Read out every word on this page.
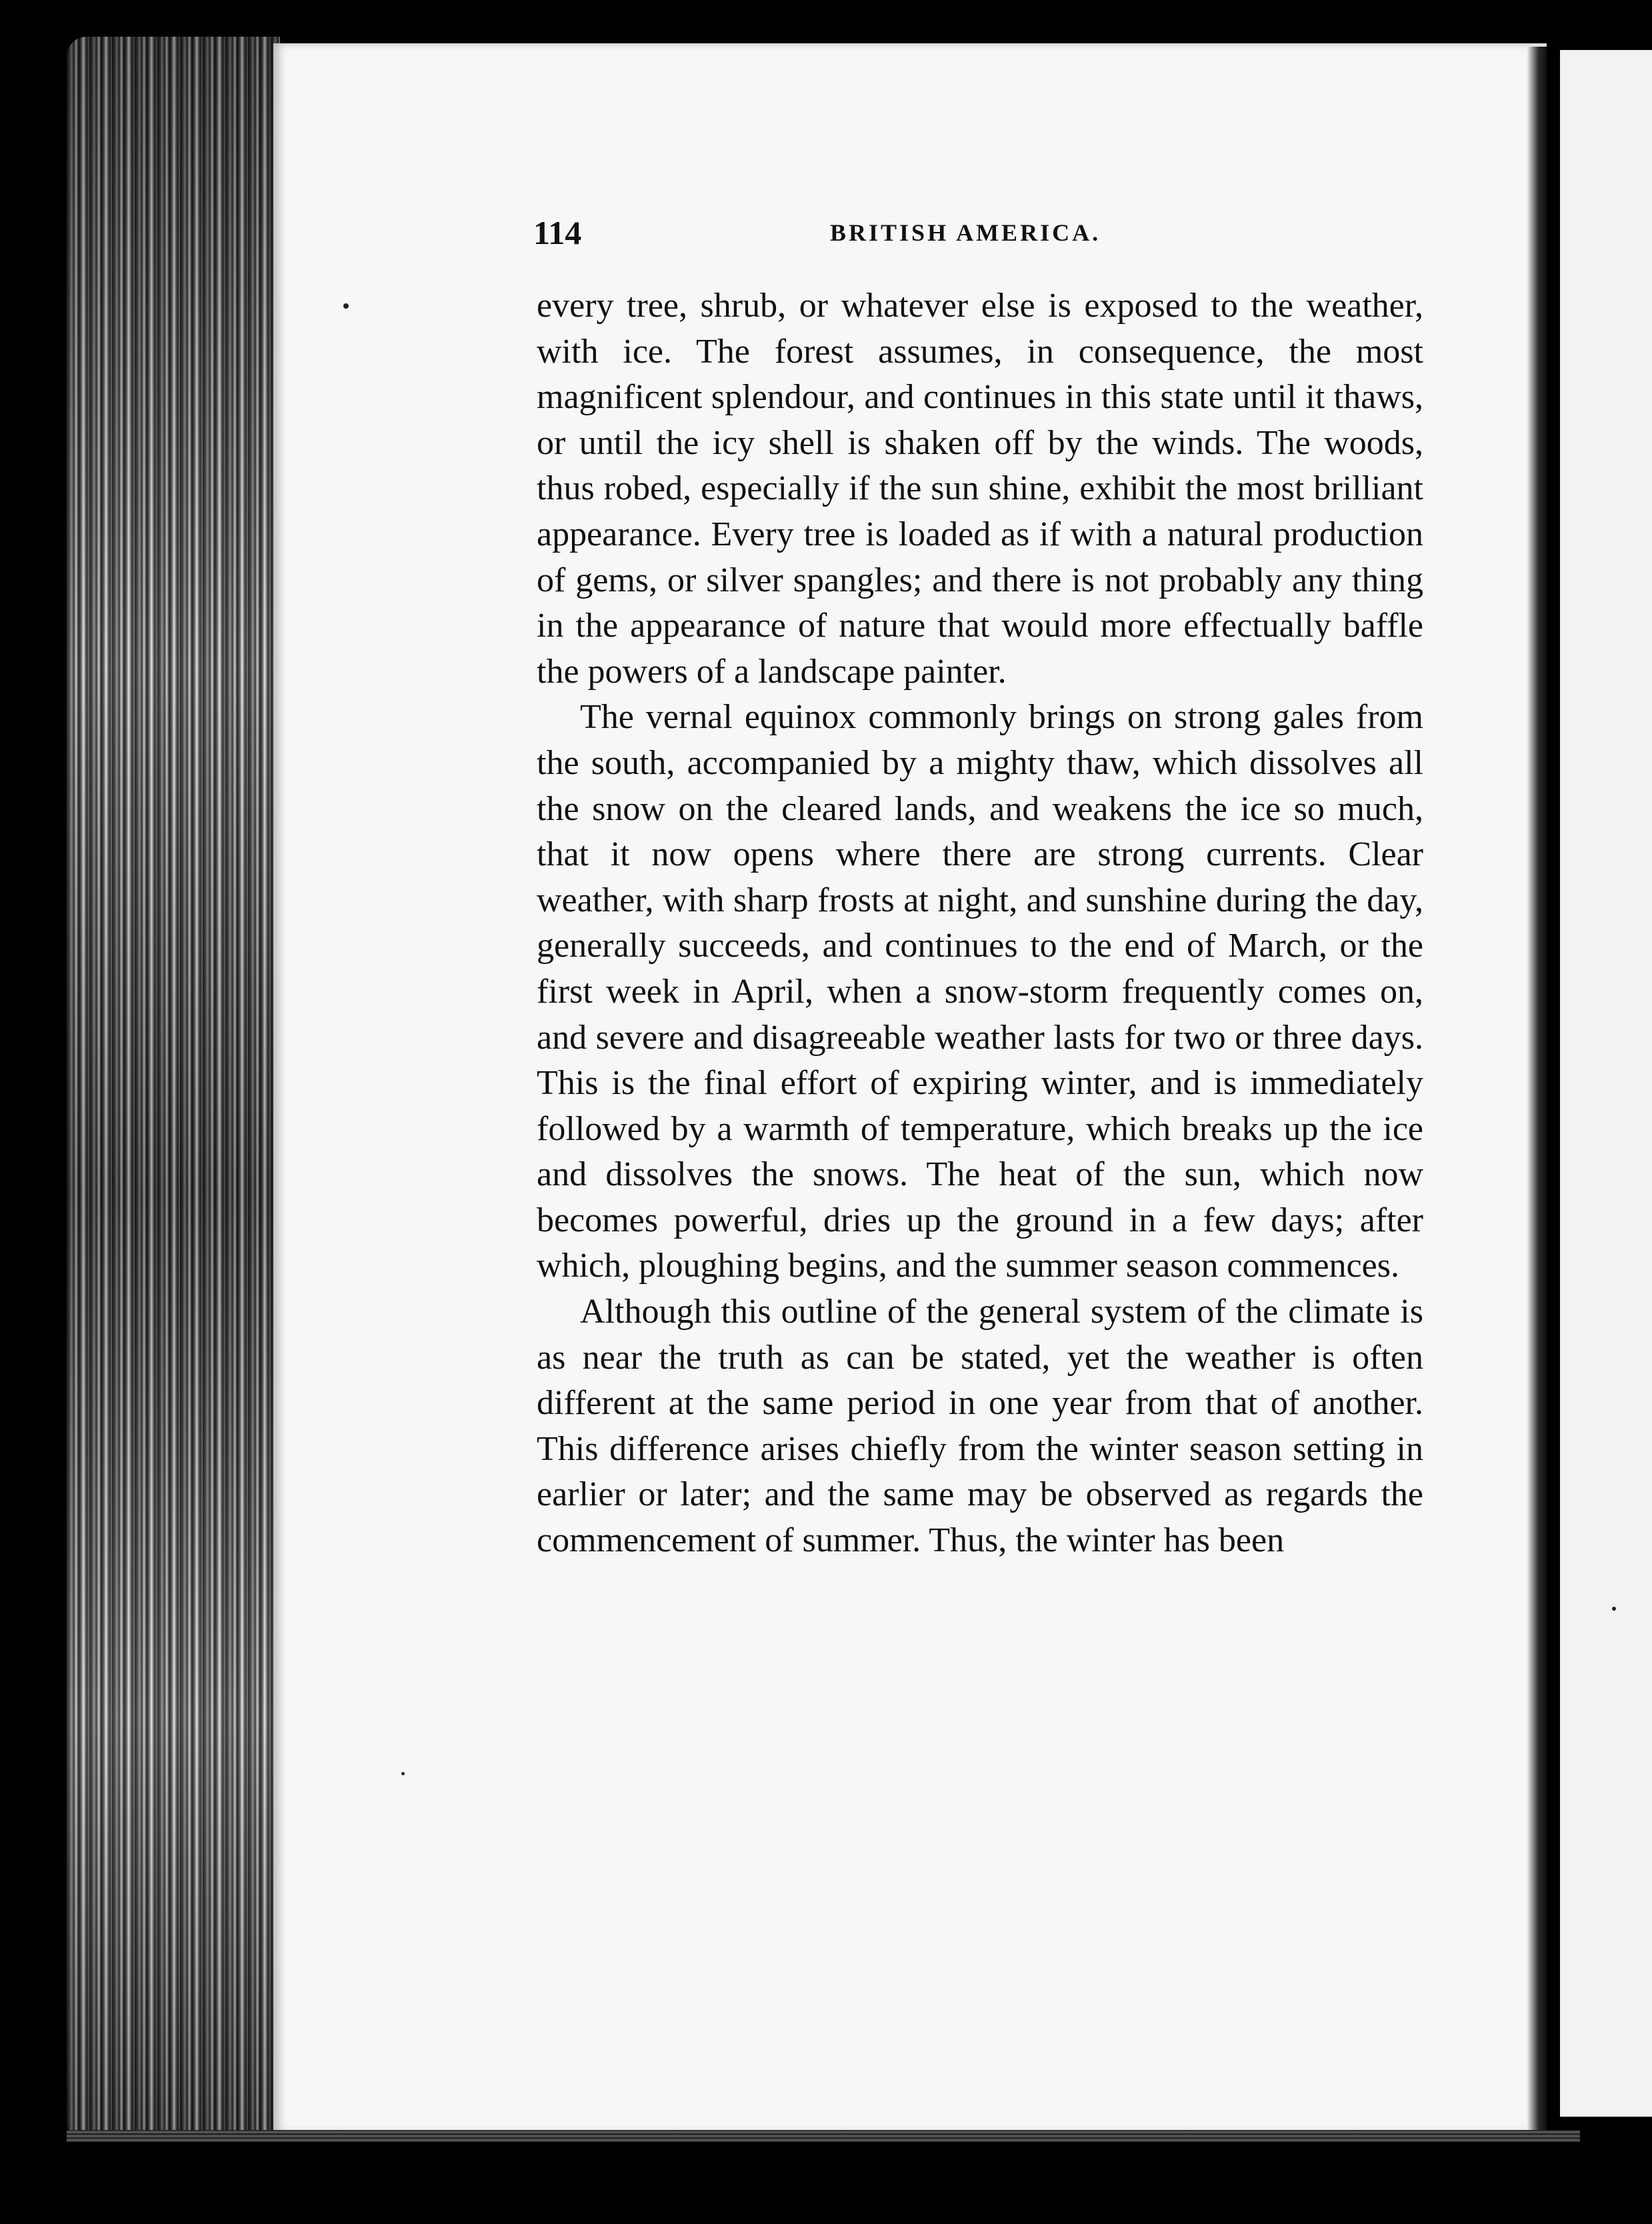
114	BRITISH AMERICA.

every tree, shrub, or whatever else is exposed to the weather, with ice. The forest assumes, in consequence, the most magnificent splendour, and continues in this state until it thaws, or until the icy shell is shaken off by the winds. The woods, thus robed, especially if the sun shine, exhibit the most brilliant appearance. Every tree is loaded as if with a natural production of gems, or silver spangles; and there is not probably any thing in the appearance of nature that would more effectually baffle the powers of a landscape painter.

The vernal equinox commonly brings on strong gales from the south, accompanied by a mighty thaw, which dissolves all the snow on the cleared lands, and weakens the ice so much, that it now opens where there are strong currents. Clear weather, with sharp frosts at night, and sunshine during the day, generally succeeds, and continues to the end of March, or the first week in April, when a snow-storm frequently comes on, and severe and disagreeable weather lasts for two or three days. This is the final effort of expiring winter, and is immediately followed by a warmth of temperature, which breaks up the ice and dissolves the snows. The heat of the sun, which now becomes powerful, dries up the ground in a few days; after which, ploughing begins, and the summer season commences.

Although this outline of the general system of the climate is as near the truth as can be stated, yet the weather is often different at the same period in one year from that of another. This difference arises chiefly from the winter season setting in earlier or later; and the same may be observed as regards the commencement of summer. Thus, the winter has been
